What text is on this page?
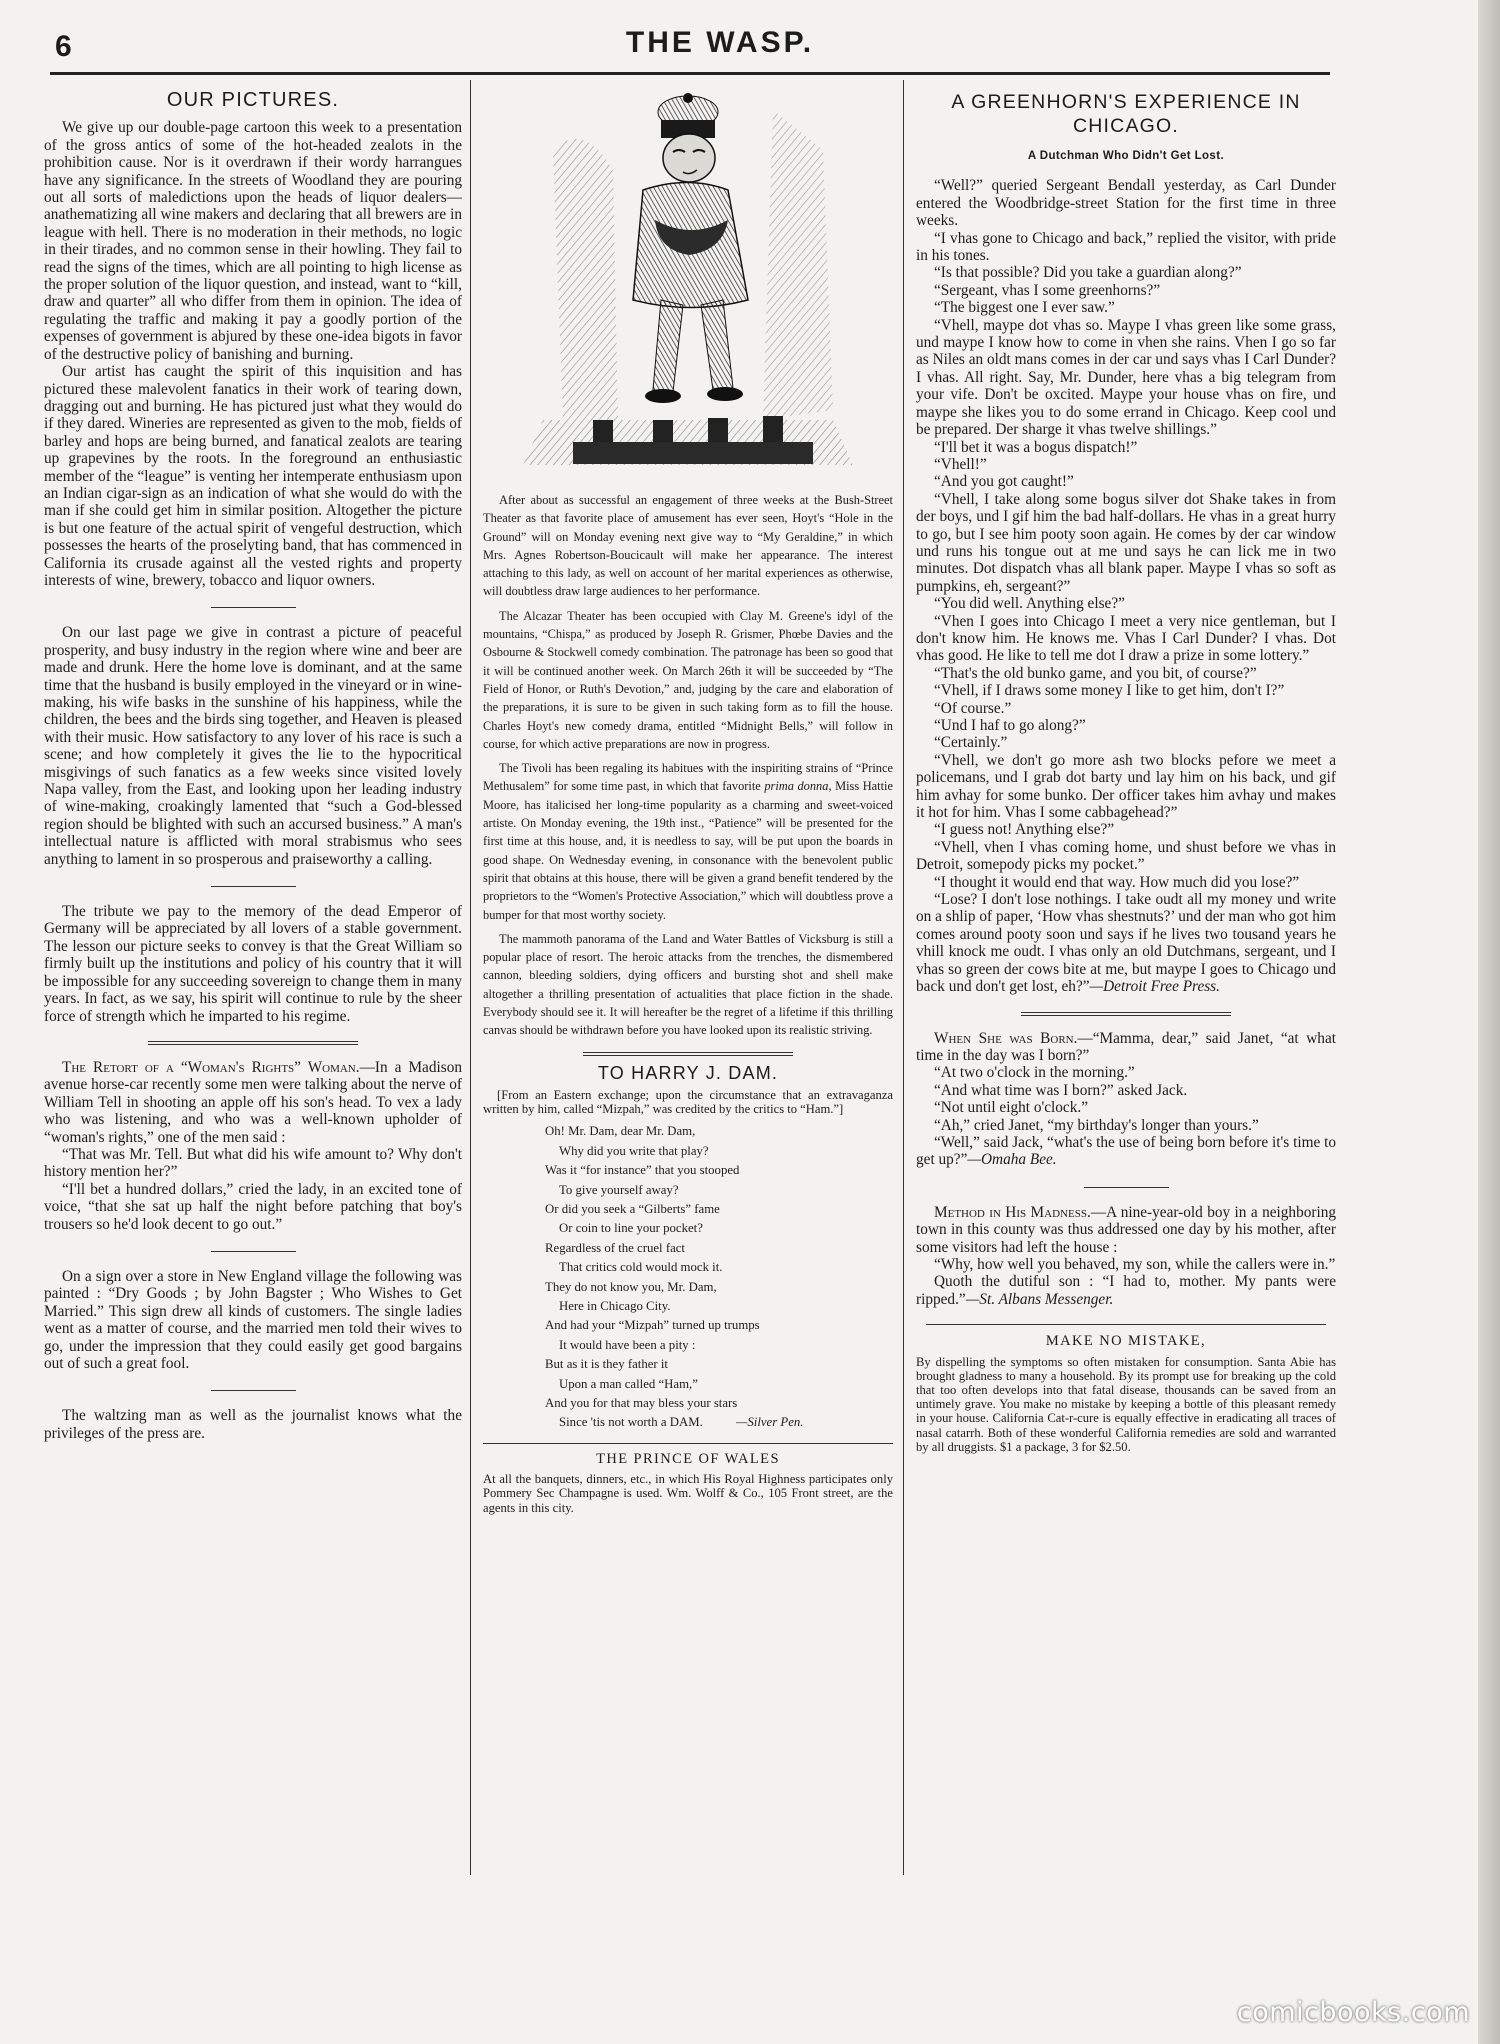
6	THE WASP.
OUR PICTURES.

We give up our double-page cartoon this week to a presentation of the gross antics of some of the hot-headed zealots in the prohibition cause. Nor is it overdrawn if their wordy harrangues have any significance. In the streets of Woodland they are pouring out all sorts of maledictions upon the heads of liquor dealers—anathematizing all wine makers and declaring that all brewers are in league with hell. There is no moderation in their methods, no logic in their tirades, and no common sense in their howling. They fail to read the signs of the times, which are all pointing to high license as the proper solution of the liquor question, and instead, want to “kill, draw and quarter” all who differ from them in opinion. The idea of regulating the traffic and making it pay a goodly portion of the expenses of government is abjured by these one-idea bigots in favor of the destructive policy of banishing and burning.

Our artist has caught the spirit of this inquisition and has pictured these malevolent fanatics in their work of tearing down, dragging out and burning. He has pictured just what they would do if they dared. Wineries are represented as given to the mob, fields of barley and hops are being burned, and fanatical zealots are tearing up grapevines by the roots. In the foreground an enthusiastic member of the “league” is venting her intemperate enthusiasm upon an Indian cigar-sign as an indication of what she would do with the man if she could get him in similar position. Altogether the picture is but one feature of the actual spirit of vengeful destruction, which possesses the hearts of the proselyting band, that has commenced in California its crusade against all the vested rights and property interests of wine, brewery, tobacco and liquor owners.

On our last page we give in contrast a picture of peaceful prosperity, and busy industry in the region where wine and beer are made and drunk. Here the home love is dominant, and at the same time that the husband is busily employed in the vineyard or in wine-making, his wife basks in the sunshine of his happiness, while the children, the bees and the birds sing together, and Heaven is pleased with their music. How satisfactory to any lover of his race is such a scene; and how completely it gives the lie to the hypocritical misgivings of such fanatics as a few weeks since visited lovely Napa valley, from the East, and looking upon her leading industry of wine-making, croakingly lamented that “such a God-blessed region should be blighted with such an accursed business.” A man's intellectual nature is afflicted with moral strabismus who sees anything to lament in so prosperous and praiseworthy a calling.

The tribute we pay to the memory of the dead Emperor of Germany will be appreciated by all lovers of a stable government. The lesson our picture seeks to convey is that the Great William so firmly built up the institutions and policy of his country that it will be impossible for any succeeding sovereign to change them in many years. In fact, as we say, his spirit will continue to rule by the sheer force of strength which he imparted to his regime.

The Retort of a “Woman's Rights” Woman.—In a Madison avenue horse-car recently some men were talking about the nerve of William Tell in shooting an apple off his son's head. To vex a lady who was listening, and who was a well-known upholder of “woman's rights,” one of the men said :

“That was Mr. Tell. But what did his wife amount to? Why don't history mention her?”

“I'll bet a hundred dollars,” cried the lady, in an excited tone of voice, “that she sat up half the night before patching that boy's trousers so he'd look decent to go out.”

On a sign over a store in New England village the following was painted : “Dry Goods ; by John Bagster ; Who Wishes to Get Married.” This sign drew all kinds of customers. The single ladies went as a matter of course, and the married men told their wives to go, under the impression that they could easily get good bargains out of such a great fool.

The waltzing man as well as the journalist knows what the privileges of the press are.

After about as successful an engagement of three weeks at the Bush-Street Theater as that favorite place of amusement has ever seen, Hoyt's “Hole in the Ground” will on Monday evening next give way to “My Geraldine,” in which Mrs. Agnes Robertson-Boucicault will make her appearance. The interest attaching to this lady, as well on account of her marital experiences as otherwise, will doubtless draw large audiences to her performance.

The Alcazar Theater has been occupied with Clay M. Greene's idyl of the mountains, “Chispa,” as produced by Joseph R. Grismer, Phœbe Davies and the Osbourne & Stockwell comedy combination. The patronage has been so good that it will be continued another week. On March 26th it will be succeeded by “The Field of Honor, or Ruth's Devotion,” and, judging by the care and elaboration of the preparations, it is sure to be given in such taking form as to fill the house. Charles Hoyt's new comedy drama, entitled “Midnight Bells,” will follow in course, for which active preparations are now in progress.

The Tivoli has been regaling its habitues with the inspiriting strains of “Prince Methusalem” for some time past, in which that favorite prima donna, Miss Hattie Moore, has italicised her long-time popularity as a charming and sweet-voiced artiste. On Monday evening, the 19th inst., “Patience” will be presented for the first time at this house, and, it is needless to say, will be put upon the boards in good shape. On Wednesday evening, in consonance with the benevolent public spirit that obtains at this house, there will be given a grand benefit tendered by the proprietors to the “Women's Protective Association,” which will doubtless prove a bumper for that most worthy society.

The mammoth panorama of the Land and Water Battles of Vicksburg is still a popular place of resort. The heroic attacks from the trenches, the dismembered cannon, bleeding soldiers, dying officers and bursting shot and shell make altogether a thrilling presentation of actualities that place fiction in the shade. Everybody should see it. It will hereafter be the regret of a lifetime if this thrilling canvas should be withdrawn before you have looked upon its realistic striving.

TO HARRY J. DAM.
[From an Eastern exchange; upon the circumstance that an extravaganza written by him, called “Mizpah,” was credited by the critics to “Ham.”]
Oh! Mr. Dam, dear Mr. Dam,
Why did you write that play?
Was it “for instance” that you stooped
To give yourself away?
Or did you seek a “Gilberts” fame
Or coin to line your pocket?
Regardless of the cruel fact
That critics cold would mock it.
They do not know you, Mr. Dam,
Here in Chicago City.
And had your “Mizpah” turned up trumps
It would have been a pity :
But as it is they father it
Upon a man called “Ham,”
And you for that may bless your stars
Since 'tis not worth a DAM.	—Silver Pen.
THE PRINCE OF WALES
At all the banquets, dinners, etc., in which His Royal Highness participates only Pommery Sec Champagne is used. Wm. Wolff & Co., 105 Front street, are the agents in this city.
A GREENHORN'S EXPERIENCE IN CHICAGO.
A Dutchman Who Didn't Get Lost.

“Well?” queried Sergeant Bendall yesterday, as Carl Dunder entered the Woodbridge-street Station for the first time in three weeks.

“I vhas gone to Chicago and back,” replied the visitor, with pride in his tones.

“Is that possible? Did you take a guardian along?”

“Sergeant, vhas I some greenhorns?”

“The biggest one I ever saw.”

“Vhell, maype dot vhas so. Maype I vhas green like some grass, und maype I know how to come in vhen she rains. Vhen I go so far as Niles an oldt mans comes in der car und says vhas I Carl Dunder? I vhas. All right. Say, Mr. Dunder, here vhas a big telegram from your vife. Don't be oxcited. Maype your house vhas on fire, und maype she likes you to do some errand in Chicago. Keep cool und be prepared. Der sharge it vhas twelve shillings.”

“I'll bet it was a bogus dispatch!”

“Vhell!”

“And you got caught!”

“Vhell, I take along some bogus silver dot Shake takes in from der boys, und I gif him the bad half-dollars. He vhas in a great hurry to go, but I see him pooty soon again. He comes by der car window und runs his tongue out at me und says he can lick me in two minutes. Dot dispatch vhas all blank paper. Maype I vhas so soft as pumpkins, eh, sergeant?”

“You did well. Anything else?”

“Vhen I goes into Chicago I meet a very nice gentleman, but I don't know him. He knows me. Vhas I Carl Dunder? I vhas. Dot vhas good. He like to tell me dot I draw a prize in some lottery.”

“That's the old bunko game, and you bit, of course?”

“Vhell, if I draws some money I like to get him, don't I?”

“Of course.”

“Und I haf to go along?”

“Certainly.”

“Vhell, we don't go more ash two blocks pefore we meet a policemans, und I grab dot barty und lay him on his back, und gif him avhay for some bunko. Der officer takes him avhay und makes it hot for him. Vhas I some cabbagehead?”

“I guess not! Anything else?”

“Vhell, vhen I vhas coming home, und shust before we vhas in Detroit, somepody picks my pocket.”

“I thought it would end that way. How much did you lose?”

“Lose? I don't lose nothings. I take oudt all my money und write on a shlip of paper, ‘How vhas shestnuts?’ und der man who got him comes around pooty soon und says if he lives two tousand years he vhill knock me oudt. I vhas only an old Dutchmans, sergeant, und I vhas so green der cows bite at me, but maype I goes to Chicago und back und don't get lost, eh?”—Detroit Free Press.

When She was Born.—“Mamma, dear,” said Janet, “at what time in the day was I born?”

“At two o'clock in the morning.”

“And what time was I born?” asked Jack.

“Not until eight o'clock.”

“Ah,” cried Janet, “my birthday's longer than yours.”

“Well,” said Jack, “what's the use of being born before it's time to get up?”—Omaha Bee.

Method in His Madness.—A nine-year-old boy in a neighboring town in this county was thus addressed one day by his mother, after some visitors had left the house :

“Why, how well you behaved, my son, while the callers were in.”

Quoth the dutiful son : “I had to, mother. My pants were ripped.”—St. Albans Messenger.

MAKE NO MISTAKE,
By dispelling the symptoms so often mistaken for consumption. Santa Abie has brought gladness to many a household. By its prompt use for breaking up the cold that too often develops into that fatal disease, thousands can be saved from an untimely grave. You make no mistake by keeping a bottle of this pleasant remedy in your house. California Cat-r-cure is equally effective in eradicating all traces of nasal catarrh. Both of these wonderful California remedies are sold and warranted by all druggists. $1 a package, 3 for $2.50.
comicbooks.com
